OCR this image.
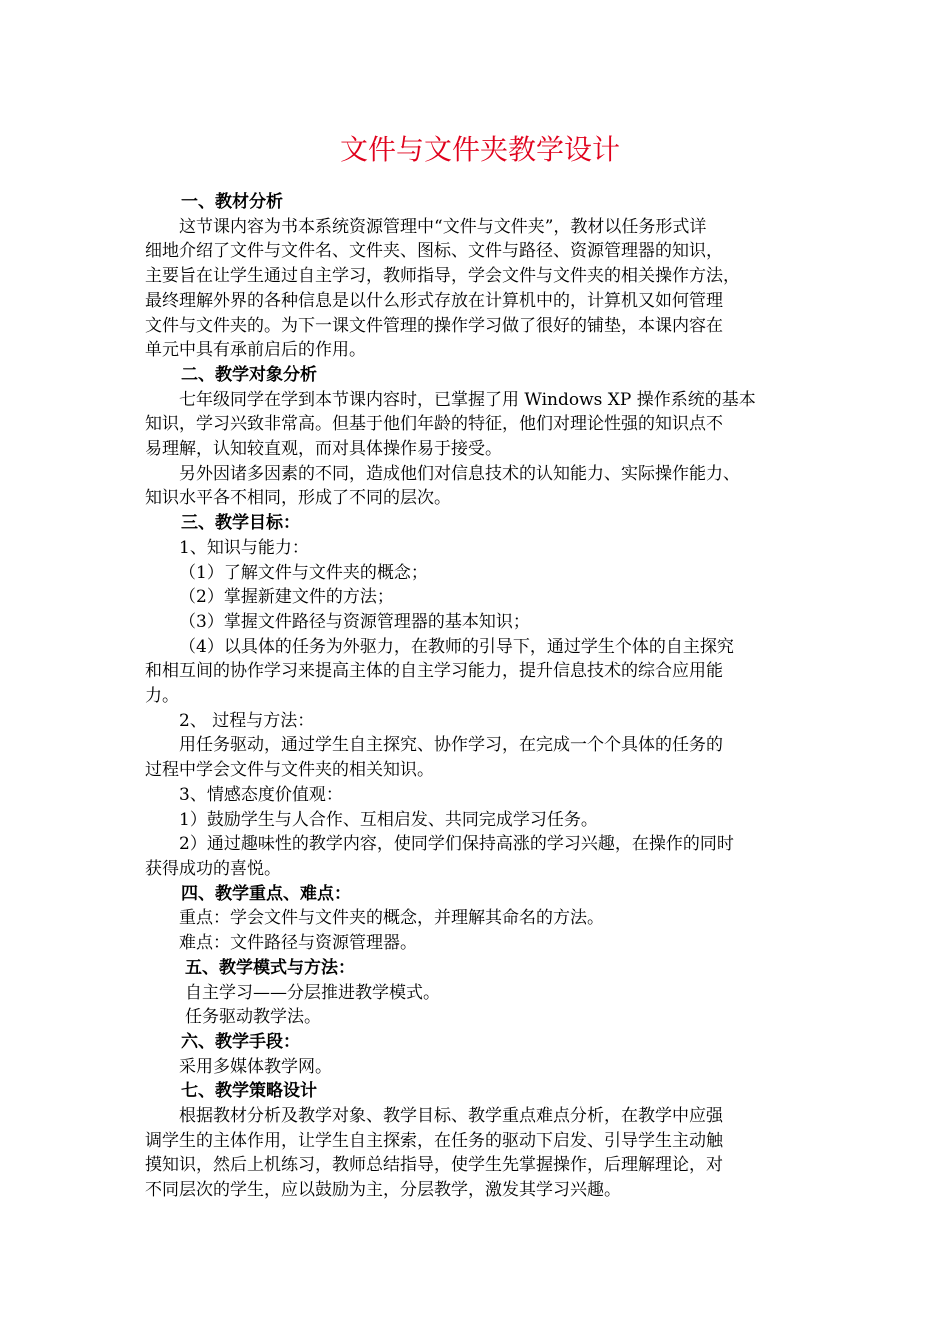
文件与文件夹教学设计

一、教材分析

这节课内容为书本系统资源管理中“文件与文件夹”，教材以任务形式详

细地介绍了文件与文件名、文件夹、图标、文件与路径、资源管理器的知识，

主要旨在让学生通过自主学习，教师指导，学会文件与文件夹的相关操作方法，

最终理解外界的各种信息是以什么形式存放在计算机中的，计算机又如何管理

文件与文件夹的。为下一课文件管理的操作学习做了很好的铺垫，本课内容在

单元中具有承前启后的作用。

二、教学对象分析

七年级同学在学到本节课内容时，已掌握了用 Windows XP 操作系统的基本

知识，学习兴致非常高。但基于他们年龄的特征，他们对理论性强的知识点不

易理解，认知较直观，而对具体操作易于接受。

另外因诸多因素的不同，造成他们对信息技术的认知能力、实际操作能力、

知识水平各不相同，形成了不同的层次。

三、教学目标：

1、知识与能力：

（1）了解文件与文件夹的概念；

（2）掌握新建文件的方法；

（3）掌握文件路径与资源管理器的基本知识；

（4）以具体的任务为外驱力，在教师的引导下，通过学生个体的自主探究

和相互间的协作学习来提高主体的自主学习能力，提升信息技术的综合应用能

力。

2、 过程与方法：

用任务驱动，通过学生自主探究、协作学习，在完成一个个具体的任务的

过程中学会文件与文件夹的相关知识。

3、情感态度价值观：

1）鼓励学生与人合作、互相启发、共同完成学习任务。

2）通过趣味性的教学内容，使同学们保持高涨的学习兴趣，在操作的同时

获得成功的喜悦。

四、教学重点、难点：

重点：学会文件与文件夹的概念，并理解其命名的方法。

难点：文件路径与资源管理器。

五、教学模式与方法：

自主学习——分层推进教学模式。

任务驱动教学法。

六、教学手段：

采用多媒体教学网。

七、教学策略设计

根据教材分析及教学对象、教学目标、教学重点难点分析，在教学中应强

调学生的主体作用，让学生自主探索，在任务的驱动下启发、引导学生主动触

摸知识，然后上机练习，教师总结指导，使学生先掌握操作，后理解理论，对

不同层次的学生，应以鼓励为主，分层教学，激发其学习兴趣。
